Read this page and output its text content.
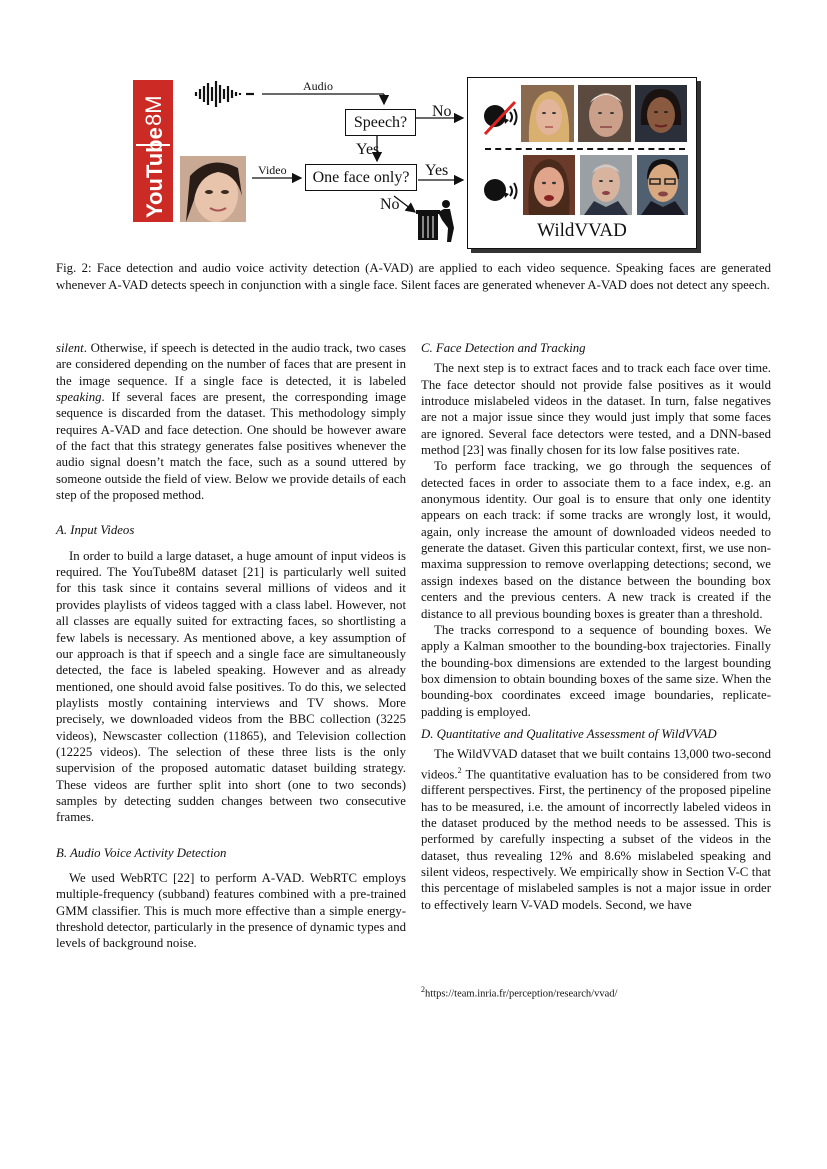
YouTube
8M
Audio
Video
Speech?
One face only?
No
Yes
Yes
No
WildVVAD
Fig. 2: Face detection and audio voice activity detection (A-VAD) are applied to each video sequence. Speaking faces are generated whenever A-VAD detects speech in conjunction with a single face. Silent faces are generated whenever A-VAD does not detect any speech.

silent. Otherwise, if speech is detected in the audio track, two cases are considered depending on the number of faces that are present in the image sequence. If a single face is detected, it is labeled speaking. If several faces are present, the corresponding image sequence is discarded from the dataset. This methodology simply requires A-VAD and face detection. One should be however aware of the fact that this strategy generates false positives whenever the audio signal doesn’t match the face, such as a sound uttered by someone outside the field of view. Below we provide details of each step of the proposed method.

A. Input Videos

In order to build a large dataset, a huge amount of input videos is required. The YouTube8M dataset [21] is particularly well suited for this task since it contains several millions of videos and it provides playlists of videos tagged with a class label. However, not all classes are equally suited for extracting faces, so shortlisting a few labels is necessary. As mentioned above, a key assumption of our approach is that if speech and a single face are simultaneously detected, the face is labeled speaking. However and as already mentioned, one should avoid false positives. To do this, we selected playlists mostly containing interviews and TV shows. More precisely, we downloaded videos from the BBC collection (3225 videos), Newscaster collection (11865), and Television collection (12225 videos). The selection of these three lists is the only supervision of the proposed automatic dataset building strategy. These videos are further split into short (one to two seconds) samples by detecting sudden changes between two consecutive frames.

B. Audio Voice Activity Detection

We used WebRTC [22] to perform A-VAD. WebRTC employs multiple-frequency (subband) features combined with a pre-trained GMM classifier. This is much more effective than a simple energy-threshold detector, particularly in the presence of dynamic types and levels of background noise.

C. Face Detection and Tracking

The next step is to extract faces and to track each face over time. The face detector should not provide false positives as it would introduce mislabeled videos in the dataset. In turn, false negatives are not a major issue since they would just imply that some faces are ignored. Several face detectors were tested, and a DNN-based method [23] was finally chosen for its low false positives rate.

To perform face tracking, we go through the sequences of detected faces in order to associate them to a face index, e.g. an anonymous identity. Our goal is to ensure that only one identity appears on each track: if some tracks are wrongly lost, it would, again, only increase the amount of downloaded videos needed to generate the dataset. Given this particular context, first, we use non-maxima suppression to remove overlapping detections; second, we assign indexes based on the distance between the bounding box centers and the previous centers. A new track is created if the distance to all previous bounding boxes is greater than a threshold.

The tracks correspond to a sequence of bounding boxes. We apply a Kalman smoother to the bounding-box trajectories. Finally the bounding-box dimensions are extended to the largest bounding box dimension to obtain bounding boxes of the same size. When the bounding-box coordinates exceed image boundaries, replicate-padding is employed.

D. Quantitative and Qualitative Assessment of WildVVAD

The WildVVAD dataset that we built contains 13,000 two-second videos.$^2$ The quantitative evaluation has to be considered from two different perspectives. First, the pertinency of the proposed pipeline has to be measured, i.e. the amount of incorrectly labeled videos in the dataset produced by the method needs to be assessed. This is performed by carefully inspecting a subset of the videos in the dataset, thus revealing 12% and 8.6% mislabeled speaking and silent videos, respectively. We empirically show in Section V-C that this percentage of mislabeled samples is not a major issue in order to effectively learn V-VAD models. Second, we have

$^2$https://team.inria.fr/perception/research/vvad/
